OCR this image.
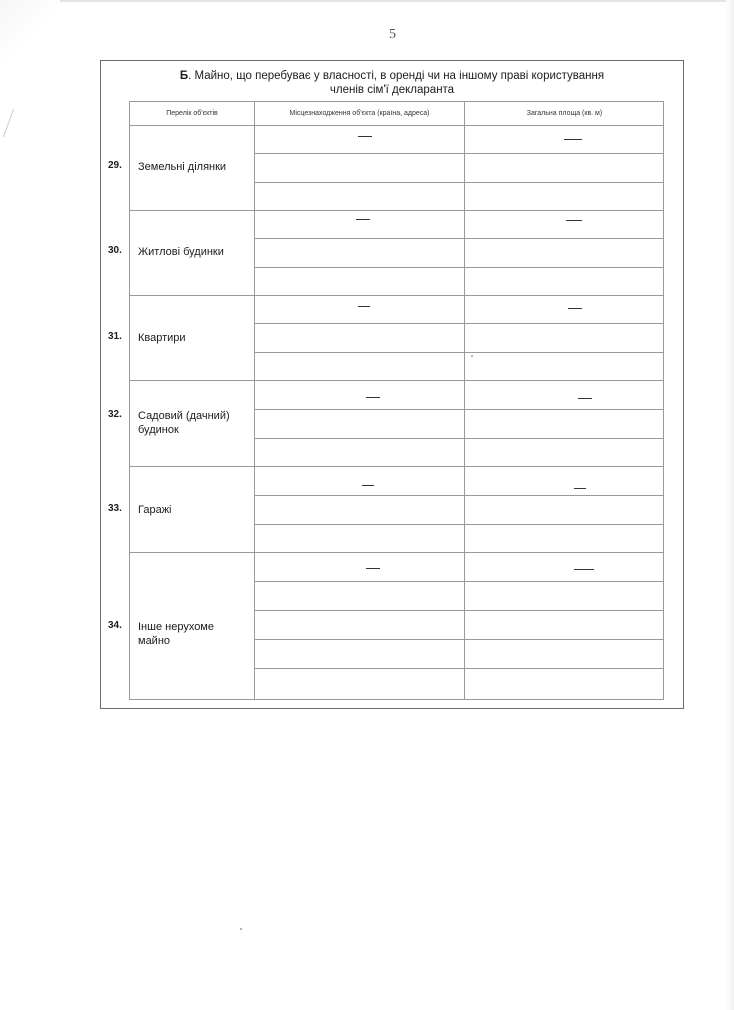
5
Б. Майно, що перебуває у власності, в оренді чи на іншому праві користування
членів сім'ї декларанта
Перелік об'єктів	Місцезнаходження об'єкта (країна, адреса)	Загальна площа (кв. м)
29. Земельні ділянки
30. Житлові будинки
31. Квартири
32. Садовий (дачний) будинок
33. Гаражі
34. Інше нерухоме майно
